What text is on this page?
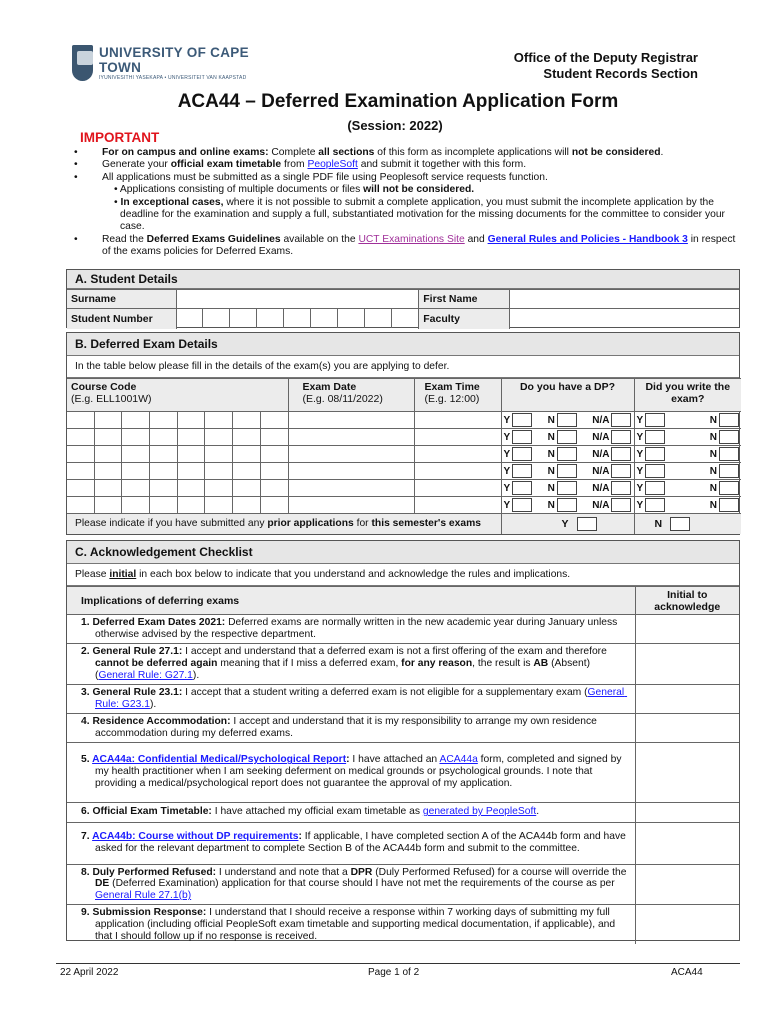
UNIVERSITY OF CAPE TOWN
IYUNIVESITHI YASEKAPA • UNIVERSITEIT VAN KAAPSTAD
Office of the Deputy Registrar
Student Records Section
ACA44 – Deferred Examination Application Form
(Session: 2022)
IMPORTANT
• For on campus and online exams: Complete all sections of this form as incomplete applications will not be considered.
• Generate your official exam timetable from PeopleSoft and submit it together with this form.
• All applications must be submitted as a single PDF file using Peoplesoft service requests function.
• Applications consisting of multiple documents or files will not be considered.
• In exceptional cases, where it is not possible to submit a complete application, you must submit the incomplete application by the deadline for the examination and supply a full, substantiated motivation for the missing documents for the committee to consider your case.
• Read the Deferred Exams Guidelines available on the UCT Examinations Site and General Rules and Policies - Handbook 3 in respect of the exams policies for Deferred Exams.
A. Student Details
Surname		First Name	
Student Number		Faculty	
B. Deferred Exam Details
In the table below please fill in the details of the exam(s) you are applying to defer.
Course Code
(E.g. ELL1001W)	Exam Date
(E.g. 08/11/2022)	Exam Time
(E.g. 12:00)	Do you have a DP?	Did you write the exam?

			Y N N/A	Y N

			Y N N/A	Y N

			Y N N/A	Y N

			Y N N/A	Y N

			Y N N/A	Y N

			Y N N/A	Y N

Please indicate if you have submitted any prior applications for this semester's exams			Y	N
C. Acknowledgement Checklist
Please initial in each box below to indicate that you understand and acknowledge the rules and implications.
Implications of deferring exams	Initial to acknowledge

1. Deferred Exam Dates 2021: Deferred exams are normally written in the new academic year during January unless otherwise advised by the respective department.	

2. General Rule 27.1: I accept and understand that a deferred exam is not a first offering of the exam and therefore cannot be deferred again meaning that if I miss a deferred exam, for any reason, the result is AB (Absent) (General Rule: G27.1).	

3. General Rule 23.1: I accept that a student writing a deferred exam is not eligible for a supplementary exam (General Rule: G23.1).	

4. Residence Accommodation: I accept and understand that it is my responsibility to arrange my own residence accommodation during my deferred exams.	

5. ACA44a: Confidential Medical/Psychological Report: I have attached an ACA44a form, completed and signed by my health practitioner when I am seeking deferment on medical grounds or psychological grounds. I note that providing a medical/psychological report does not guarantee the approval of my application.	

6. Official Exam Timetable: I have attached my official exam timetable as generated by PeopleSoft.	

7. ACA44b: Course without DP requirements: If applicable, I have completed section A of the ACA44b form and have asked for the relevant department to complete Section B of the ACA44b form and submit to the committee.	

8. Duly Performed Refused: I understand and note that a DPR (Duly Performed Refused) for a course will override the DE (Deferred Examination) application for that course should I have not met the requirements of the course as per General Rule 27.1(b)	

9. Submission Response: I understand that I should receive a response within 7 working days of submitting my full application (including official PeopleSoft exam timetable and supporting medical documentation, if applicable), and that I should follow up if no response is received.	

22 April 2022	Page 1 of 2	ACA44
